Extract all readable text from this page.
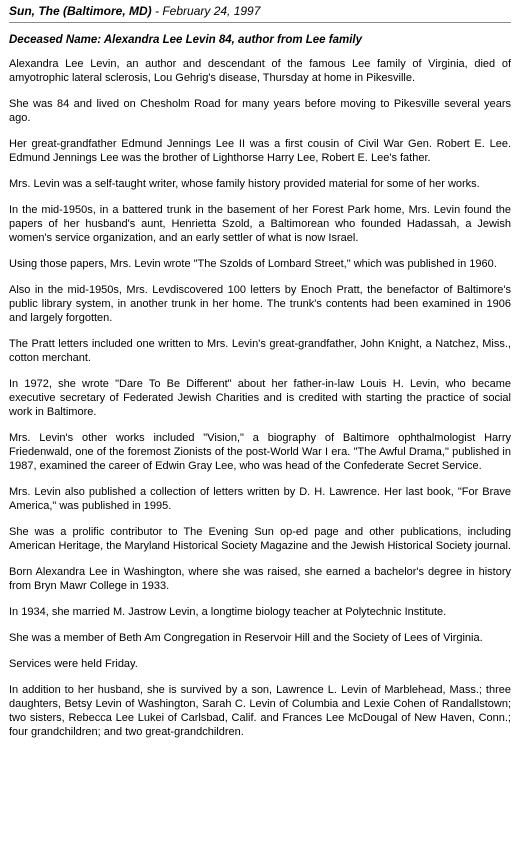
Sun, The (Baltimore, MD) - February 24, 1997
Deceased Name: Alexandra Lee Levin 84, author from Lee family

Alexandra Lee Levin, an author and descendant of the famous Lee family of Virginia, died of amyotrophic lateral sclerosis, Lou Gehrig's disease, Thursday at home in Pikesville.

She was 84 and lived on Chesholm Road for many years before moving to Pikesville several years ago.

Her great-grandfather Edmund Jennings Lee II was a first cousin of Civil War Gen. Robert E. Lee. Edmund Jennings Lee was the brother of Lighthorse Harry Lee, Robert E. Lee's father.

Mrs. Levin was a self-taught writer, whose family history provided material for some of her works.

In the mid-1950s, in a battered trunk in the basement of her Forest Park home, Mrs. Levin found the papers of her husband's aunt, Henrietta Szold, a Baltimorean who founded Hadassah, a Jewish women's service organization, and an early settler of what is now Israel.

Using those papers, Mrs. Levin wrote "The Szolds of Lombard Street," which was published in 1960.

Also in the mid-1950s, Mrs. Levdiscovered 100 letters by Enoch Pratt, the benefactor of Baltimore's public library system, in another trunk in her home. The trunk's contents had been examined in 1906 and largely forgotten.

The Pratt letters included one written to Mrs. Levin's great-grandfather, John Knight, a Natchez, Miss., cotton merchant.

In 1972, she wrote "Dare To Be Different" about her father-in-law Louis H. Levin, who became executive secretary of Federated Jewish Charities and is credited with starting the practice of social work in Baltimore.

Mrs. Levin's other works included "Vision," a biography of Baltimore ophthalmologist Harry Friedenwald, one of the foremost Zionists of the post-World War I era. "The Awful Drama," published in 1987, examined the career of Edwin Gray Lee, who was head of the Confederate Secret Service.

Mrs. Levin also published a collection of letters written by D. H. Lawrence. Her last book, "For Brave America," was published in 1995.

She was a prolific contributor to The Evening Sun op-ed page and other publications, including American Heritage, the Maryland Historical Society Magazine and the Jewish Historical Society journal.

Born Alexandra Lee in Washington, where she was raised, she earned a bachelor's degree in history from Bryn Mawr College in 1933.

In 1934, she married M. Jastrow Levin, a longtime biology teacher at Polytechnic Institute.

She was a member of Beth Am Congregation in Reservoir Hill and the Society of Lees of Virginia.

Services were held Friday.

In addition to her husband, she is survived by a son, Lawrence L. Levin of Marblehead, Mass.; three daughters, Betsy Levin of Washington, Sarah C. Levin of Columbia and Lexie Cohen of Randallstown; two sisters, Rebecca Lee Lukei of Carlsbad, Calif. and Frances Lee McDougal of New Haven, Conn.; four grandchildren; and two great-grandchildren.
